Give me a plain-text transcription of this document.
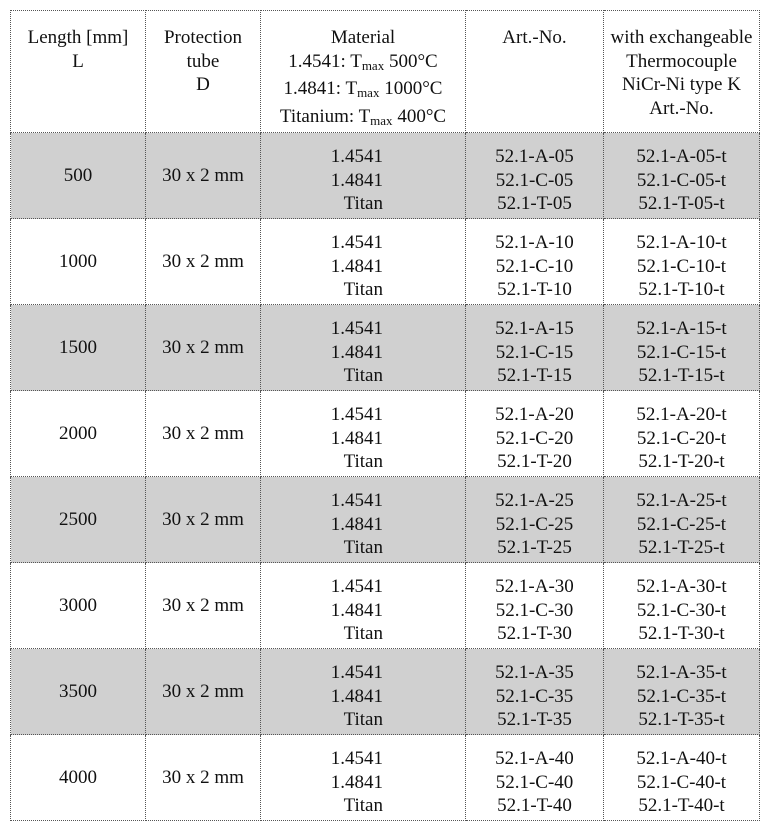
Length [mm]
L	Protection
tube
D	Material
1.4541: $T_{max}$ 500°C
1.4841: $T_{max}$ 1000°C
Titanium: $T_{max}$ 400°C	Art.-No.	with exchangeable
Thermocouple
NiCr-Ni type K
Art.-No.

500	30 x 2 mm	1.4541
1.4841
Titan	52.1-A-05
52.1-C-05
52.1-T-05	52.1-A-05-t
52.1-C-05-t
52.1-T-05-t

1000	30 x 2 mm	1.4541
1.4841
Titan	52.1-A-10
52.1-C-10
52.1-T-10	52.1-A-10-t
52.1-C-10-t
52.1-T-10-t

1500	30 x 2 mm	1.4541
1.4841
Titan	52.1-A-15
52.1-C-15
52.1-T-15	52.1-A-15-t
52.1-C-15-t
52.1-T-15-t

2000	30 x 2 mm	1.4541
1.4841
Titan	52.1-A-20
52.1-C-20
52.1-T-20	52.1-A-20-t
52.1-C-20-t
52.1-T-20-t

2500	30 x 2 mm	1.4541
1.4841
Titan	52.1-A-25
52.1-C-25
52.1-T-25	52.1-A-25-t
52.1-C-25-t
52.1-T-25-t

3000	30 x 2 mm	1.4541
1.4841
Titan	52.1-A-30
52.1-C-30
52.1-T-30	52.1-A-30-t
52.1-C-30-t
52.1-T-30-t

3500	30 x 2 mm	1.4541
1.4841
Titan	52.1-A-35
52.1-C-35
52.1-T-35	52.1-A-35-t
52.1-C-35-t
52.1-T-35-t

4000	30 x 2 mm	1.4541
1.4841
Titan	52.1-A-40
52.1-C-40
52.1-T-40	52.1-A-40-t
52.1-C-40-t
52.1-T-40-t
